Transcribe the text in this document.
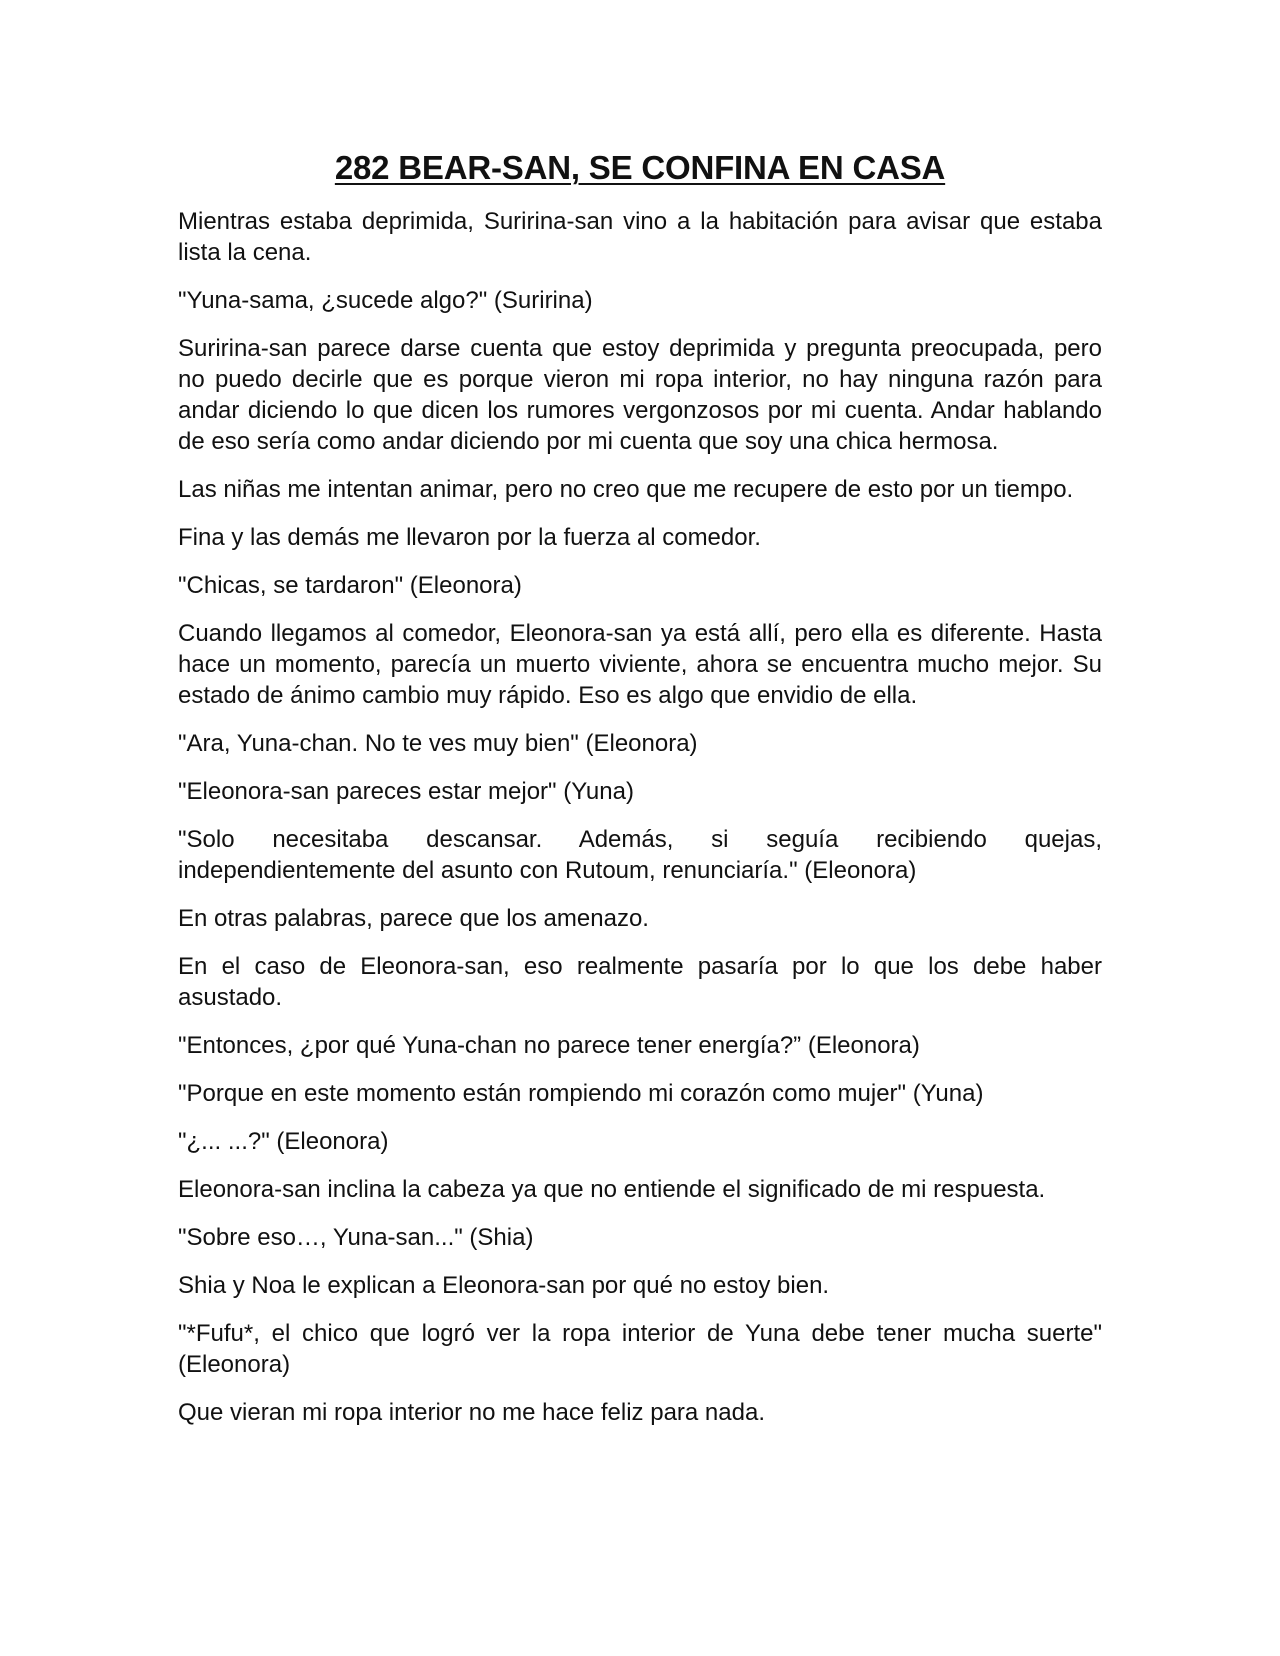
282 BEAR-SAN, SE CONFINA EN CASA

Mientras estaba deprimida, Suririna-san vino a la habitación para avisar que estaba lista la cena.

"Yuna-sama, ¿sucede algo?" (Suririna)

Suririna-san parece darse cuenta que estoy deprimida y pregunta preocupada, pero no puedo decirle que es porque vieron mi ropa interior, no hay ninguna razón para andar diciendo lo que dicen los rumores vergonzosos por mi cuenta. Andar hablando de eso sería como andar diciendo por mi cuenta que soy una chica hermosa.

Las niñas me intentan animar, pero no creo que me recupere de esto por un tiempo.

Fina y las demás me llevaron por la fuerza al comedor.

"Chicas, se tardaron" (Eleonora)

Cuando llegamos al comedor, Eleonora-san ya está allí, pero ella es diferente. Hasta hace un momento, parecía un muerto viviente, ahora se encuentra mucho mejor. Su estado de ánimo cambio muy rápido. Eso es algo que envidio de ella.

"Ara, Yuna-chan. No te ves muy bien" (Eleonora)

"Eleonora-san pareces estar mejor" (Yuna)

"Solo necesitaba descansar. Además, si seguía recibiendo quejas, independientemente del asunto con Rutoum, renunciaría." (Eleonora)

En otras palabras, parece que los amenazo.

En el caso de Eleonora-san, eso realmente pasaría por lo que los debe haber asustado.

"Entonces, ¿por qué Yuna-chan no parece tener energía?” (Eleonora)

"Porque en este momento están rompiendo mi corazón como mujer" (Yuna)

"¿... ...?" (Eleonora)

Eleonora-san inclina la cabeza ya que no entiende el significado de mi respuesta.

"Sobre eso…, Yuna-san..." (Shia)

Shia y Noa le explican a Eleonora-san por qué no estoy bien.

"*Fufu*, el chico que logró ver la ropa interior de Yuna debe tener mucha suerte" (Eleonora)

Que vieran mi ropa interior no me hace feliz para nada.
